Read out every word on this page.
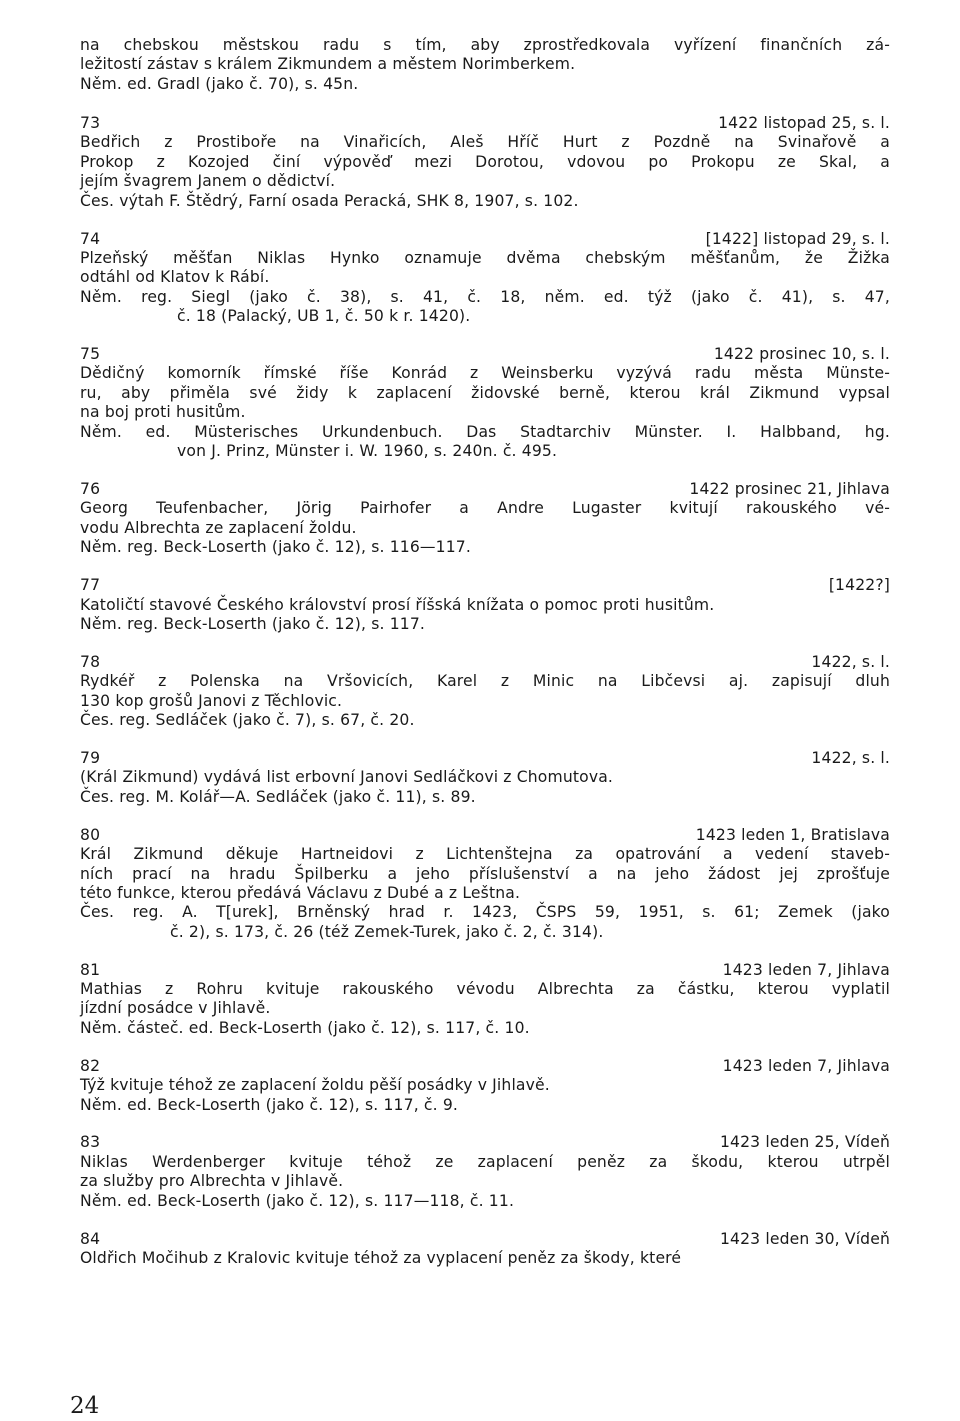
na chebskou městskou radu s tím, aby zprostředkovala vyřízení finančních zá-
ležitostí zástav s králem Zikmundem a městem Norimberkem.
Něm. ed. Gradl (jako č. 70), s. 45n.
73	1422 listopad 25, s. l.
Bedřich z Prostiboře na Vinařicích, Aleš Hříč Hurt z Pozdně na Svinařově a
Prokop z Kozojed činí výpověď mezi Dorotou, vdovou po Prokopu ze Skal, a
jejím švagrem Janem o dědictví.
Čes. výtah F. Štědrý, Farní osada Peracká, SHK 8, 1907, s. 102.
74	[1422] listopad 29, s. l.
Plzeňský měšťan Niklas Hynko oznamuje dvěma chebským měšťanům, že Žižka
odtáhl od Klatov k Rábí.
Něm. reg. Siegl (jako č. 38), s. 41, č. 18, něm. ed. týž (jako č. 41), s. 47,
č. 18 (Palacký, UB 1, č. 50 k r. 1420).
75	1422 prosinec 10, s. l.
Dědičný komorník římské říše Konrád z Weinsberku vyzývá radu města Münste-
ru, aby přiměla své židy k zaplacení židovské berně, kterou král Zikmund vypsal
na boj proti husitům.
Něm. ed. Müsterisches Urkundenbuch. Das Stadtarchiv Münster. I. Halbband, hg.
von J. Prinz, Münster i. W. 1960, s. 240n. č. 495.
76	1422 prosinec 21, Jihlava
Georg Teufenbacher, Jörig Pairhofer a Andre Lugaster kvitují rakouského vé-
vodu Albrechta ze zaplacení žoldu.
Něm. reg. Beck-Loserth (jako č. 12), s. 116—117.
77	[1422?]
Katoličtí stavové Českého království prosí říšská knížata o pomoc proti husitům.
Něm. reg. Beck-Loserth (jako č. 12), s. 117.
78	1422, s. l.
Rydkéř z Polenska na Vršovicích, Karel z Minic na Libčevsi aj. zapisují dluh
130 kop grošů Janovi z Těchlovic.
Čes. reg. Sedláček (jako č. 7), s. 67, č. 20.
79	1422, s. l.
(Král Zikmund) vydává list erbovní Janovi Sedláčkovi z Chomutova.
Čes. reg. M. Kolář—A. Sedláček (jako č. 11), s. 89.
80	1423 leden 1, Bratislava
Král Zikmund děkuje Hartneidovi z Lichtenštejna za opatrování a vedení staveb-
ních prací na hradu Špilberku a jeho příslušenství a na jeho žádost jej zprošťuje
této funkce, kterou předává Václavu z Dubé a z Leštna.
Čes. reg. A. T[urek], Brněnský hrad r. 1423, ČSPS 59, 1951, s. 61; Zemek (jako
č. 2), s. 173, č. 26 (též Zemek-Turek, jako č. 2, č. 314).
81	1423 leden 7, Jihlava
Mathias z Rohru kvituje rakouského vévodu Albrechta za částku, kterou vyplatil
jízdní posádce v Jihlavě.
Něm. částeč. ed. Beck-Loserth (jako č. 12), s. 117, č. 10.
82	1423 leden 7, Jihlava
Týž kvituje téhož ze zaplacení žoldu pěší posádky v Jihlavě.
Něm. ed. Beck-Loserth (jako č. 12), s. 117, č. 9.
83	1423 leden 25, Vídeň
Niklas Werdenberger kvituje téhož ze zaplacení peněz za škodu, kterou utrpěl
za služby pro Albrechta v Jihlavě.
Něm. ed. Beck-Loserth (jako č. 12), s. 117—118, č. 11.
84	1423 leden 30, Vídeň
Oldřich Močihub z Kralovic kvituje téhož za vyplacení peněz za škody, které
24
